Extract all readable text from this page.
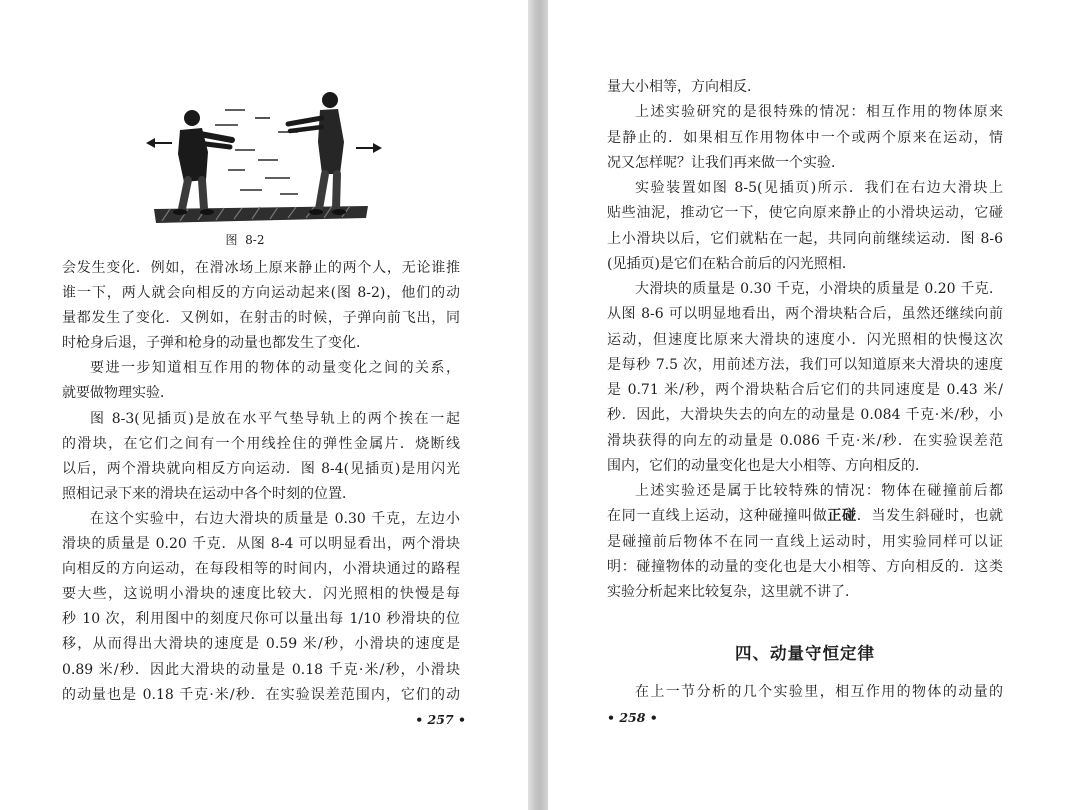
图  8-2
会发生变化．例如，在滑冰场上原来静止的两个人，无论谁推
谁一下，两人就会向相反的方向运动起来(图 8-2)，他们的动
量都发生了变化．又例如，在射击的时候，子弹向前飞出，同
时枪身后退，子弹和枪身的动量也都发生了变化．
要进一步知道相互作用的物体的动量变化之间的关系，
就要做物理实验．
图 8-3(见插页)是放在水平气垫导轨上的两个挨在一起
的滑块，在它们之间有一个用线拴住的弹性金属片．烧断线
以后，两个滑块就向相反方向运动．图 8-4(见插页)是用闪光
照相记录下来的滑块在运动中各个时刻的位置．
在这个实验中，右边大滑块的质量是 0.30 千克，左边小
滑块的质量是 0.20 千克．从图 8-4 可以明显看出，两个滑块
向相反的方向运动，在每段相等的时间内，小滑块通过的路程
要大些，这说明小滑块的速度比较大．闪光照相的快慢是每
秒 10 次，利用图中的刻度尺你可以量出每 1/10 秒滑块的位
移，从而得出大滑块的速度是 0.59 米/秒，小滑块的速度是
0.89 米/秒．因此大滑块的动量是 0.18 千克·米/秒，小滑块
的动量也是 0.18 千克·米/秒．在实验误差范围内，它们的动
• 257 •
量大小相等，方向相反．
上述实验研究的是很特殊的情况：相互作用的物体原来
是静止的．如果相互作用物体中一个或两个原来在运动，情
况又怎样呢？让我们再来做一个实验．
实验装置如图 8-5(见插页)所示．我们在右边大滑块上
贴些油泥，推动它一下，使它向原来静止的小滑块运动，它碰
上小滑块以后，它们就粘在一起，共同向前继续运动．图 8-6
(见插页)是它们在粘合前后的闪光照相．
大滑块的质量是 0.30 千克，小滑块的质量是 0.20 千克．
从图 8-6 可以明显地看出，两个滑块粘合后，虽然还继续向前
运动，但速度比原来大滑块的速度小．闪光照相的快慢这次
是每秒 7.5 次，用前述方法，我们可以知道原来大滑块的速度
是 0.71 米/秒，两个滑块粘合后它们的共同速度是 0.43 米/
秒．因此，大滑块失去的向左的动量是 0.084 千克·米/秒，小
滑块获得的向左的动量是 0.086 千克·米/秒．在实验误差范
围内，它们的动量变化也是大小相等、方向相反的．
上述实验还是属于比较特殊的情况：物体在碰撞前后都
在同一直线上运动，这种碰撞叫做正碰．当发生斜碰时，也就
是碰撞前后物体不在同一直线上运动时，用实验同样可以证
明：碰撞物体的动量的变化也是大小相等、方向相反的．这类
实验分析起来比较复杂，这里就不讲了．
四、动量守恒定律
在上一节分析的几个实验里，相互作用的物体的动量的
• 258 •
